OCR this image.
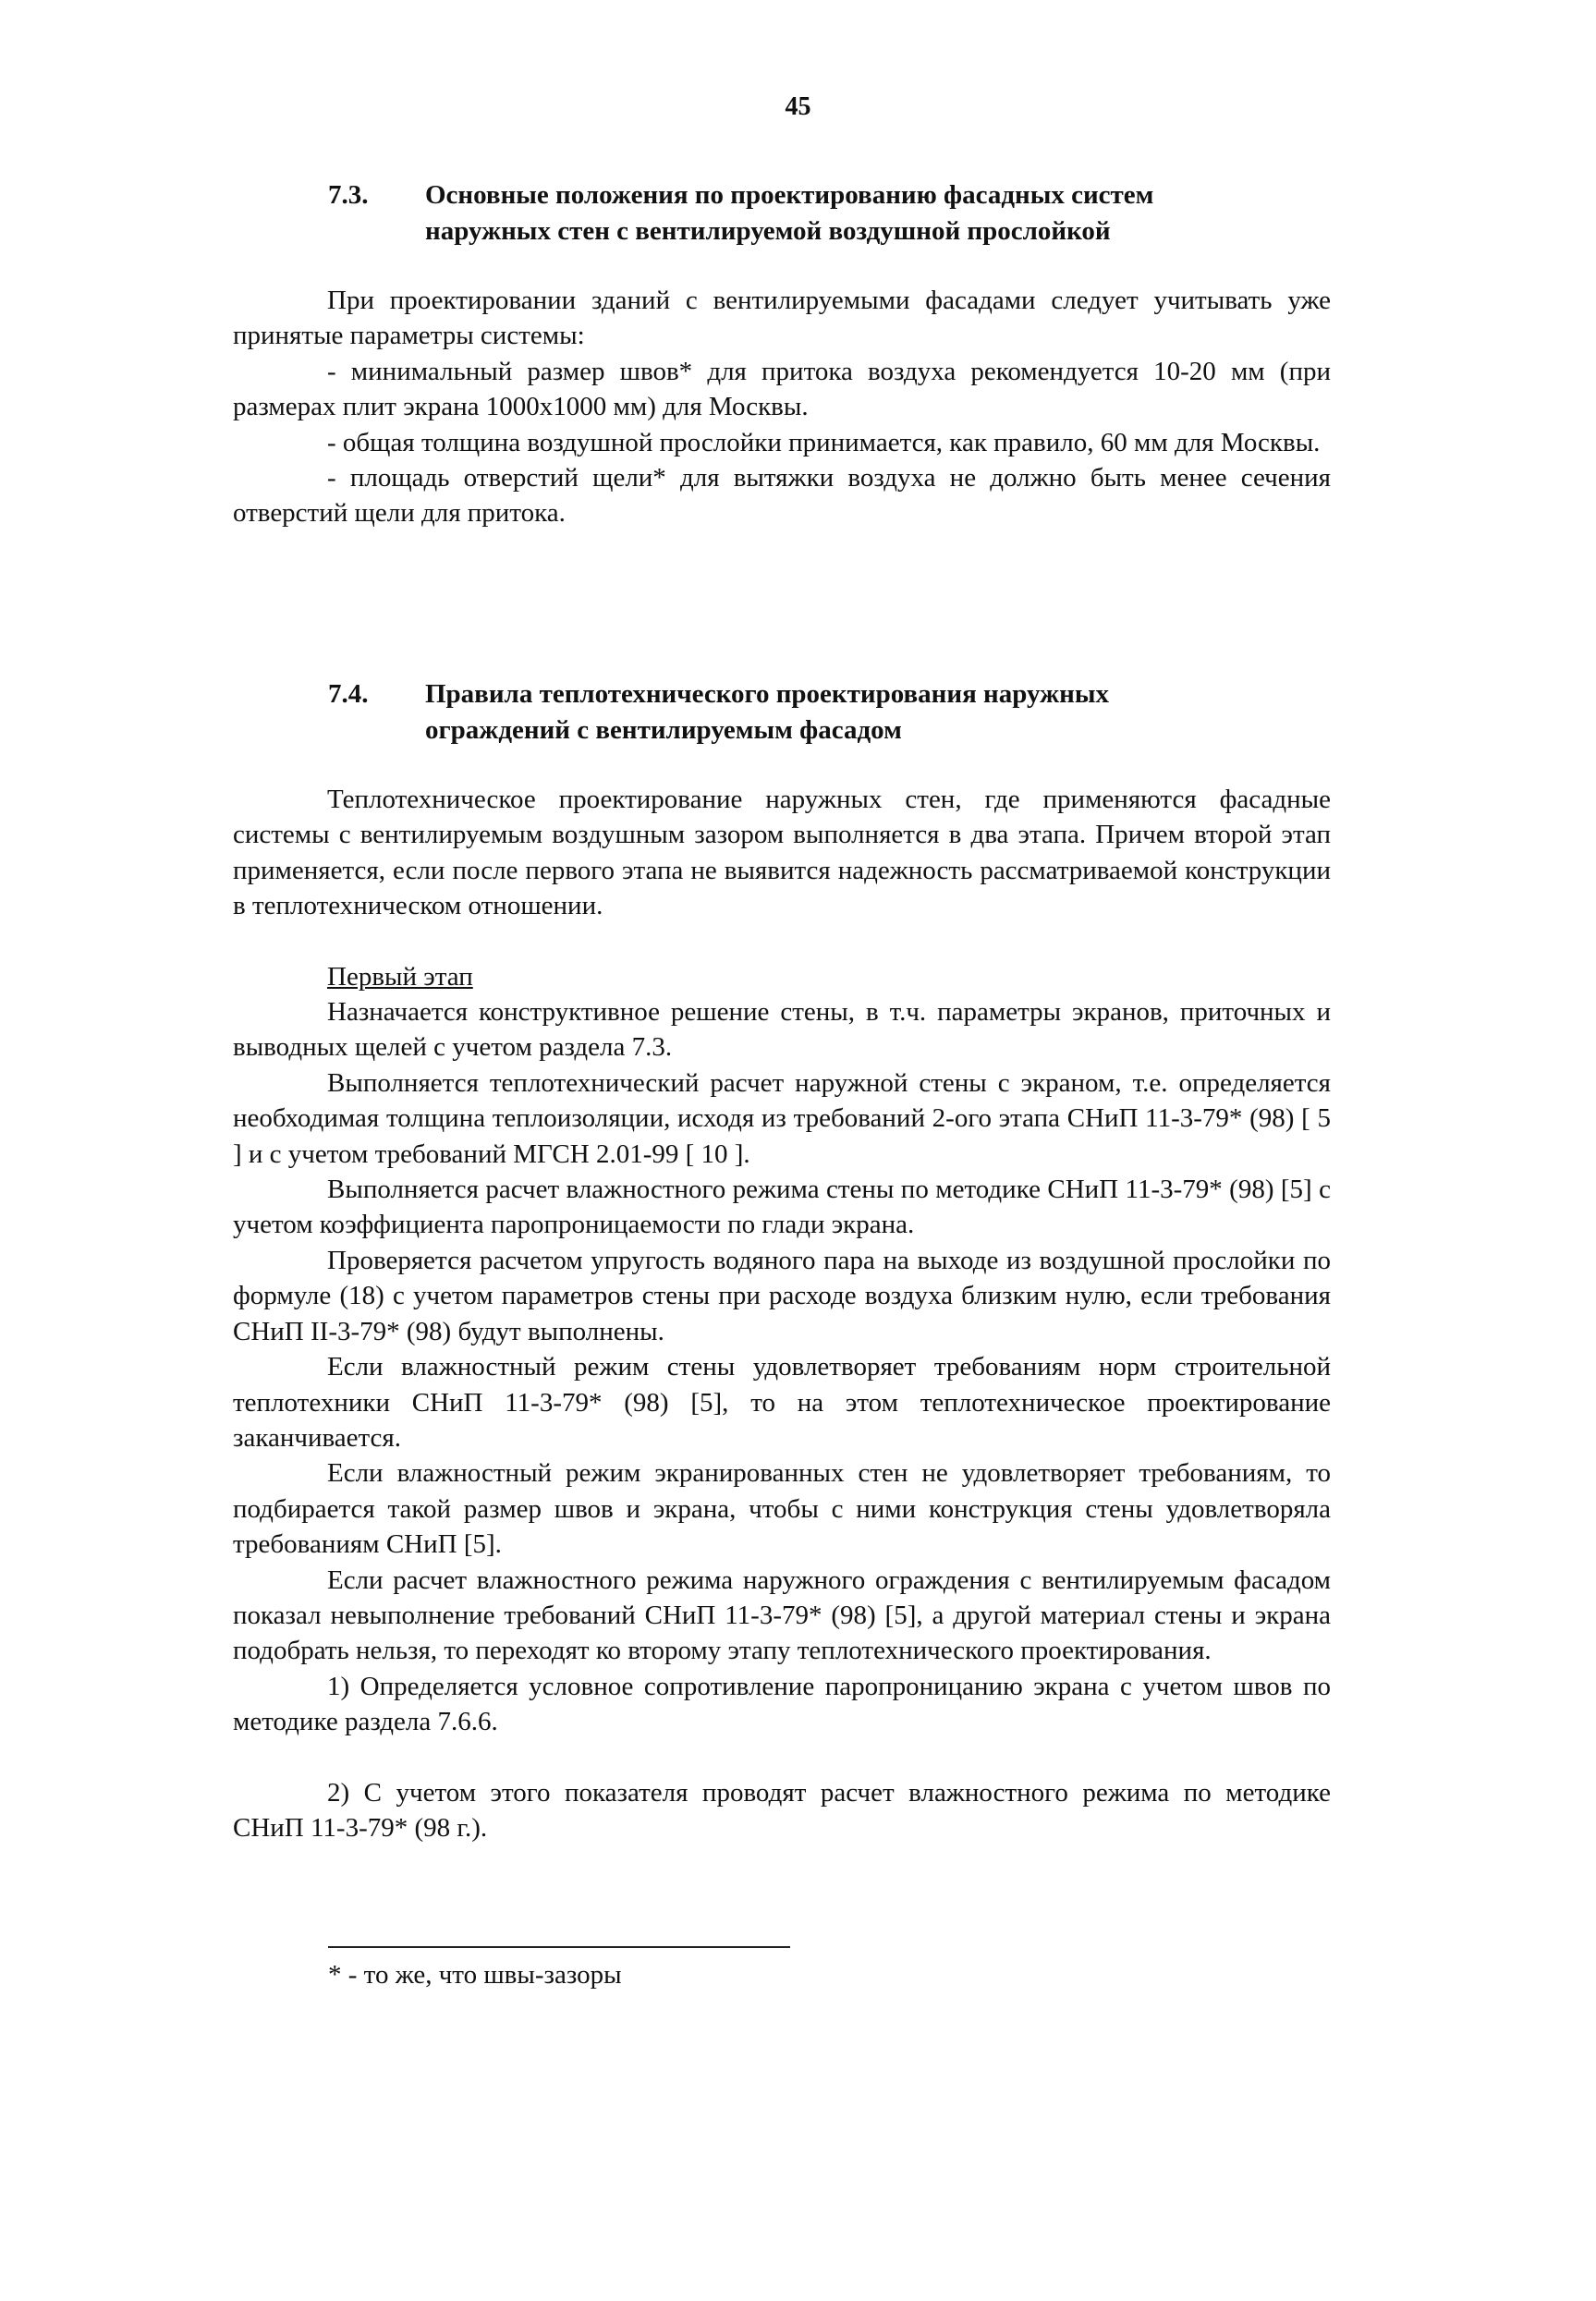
45
7.3.	Основные положения по проектированию фасадных систем
наружных стен с вентилируемой воздушной прослойкой

При проектировании зданий с вентилируемыми фасадами следует учитывать уже принятые параметры системы:

- минимальный размер швов* для притока воздуха рекомендуется 10-20 мм (при размерах плит экрана 1000x1000 мм) для Москвы.

- общая толщина воздушной прослойки принимается, как правило, 60 мм для Москвы.

- площадь отверстий щели* для вытяжки воздуха не должно быть менее сечения отверстий щели для притока.

7.4.	Правила теплотехнического проектирования наружных
ограждений с вентилируемым фасадом

Теплотехническое проектирование наружных стен, где применяются фасадные системы с вентилируемым воздушным зазором выполняется в два этапа. Причем второй этап применяется, если после первого этапа не выявится надежность рассматриваемой конструкции в теплотехническом отношении.

Первый этап

Назначается конструктивное решение стены, в т.ч. параметры экранов, приточных и выводных щелей с учетом раздела 7.3.

Выполняется теплотехнический расчет наружной стены с экраном, т.е. определяется необходимая толщина теплоизоляции, исходя из требований 2-ого этапа СНиП 11-3-79* (98) [ 5 ] и с учетом требований МГСН 2.01-99 [ 10 ].

Выполняется расчет влажностного режима стены по методике СНиП 11-3-79* (98) [5] с учетом коэффициента паропроницаемости по глади экрана.

Проверяется расчетом упругость водяного пара на выходе из воздушной прослойки по формуле (18) с учетом параметров стены при расходе воздуха близким нулю, если требования СНиП II-3-79* (98) будут выполнены.

Если влажностный режим стены удовлетворяет требованиям норм строительной теплотехники СНиП 11-3-79* (98) [5], то на этом теплотехническое проектирование заканчивается.

Если влажностный режим экранированных стен не удовлетворяет требованиям, то подбирается такой размер швов и экрана, чтобы с ними конструкция стены удовлетворяла требованиям СНиП [5].

Если расчет влажностного режима наружного ограждения с вентилируемым фасадом показал невыполнение требований СНиП 11-3-79* (98) [5], а другой материал стены и экрана подобрать нельзя, то переходят ко второму этапу теплотехнического проектирования.

1) Определяется условное сопротивление паропроницанию экрана с учетом швов по методике раздела 7.6.6.

2) С учетом этого показателя проводят расчет влажностного режима по методике СНиП 11-3-79* (98 г.).

* - то же, что швы-зазоры
